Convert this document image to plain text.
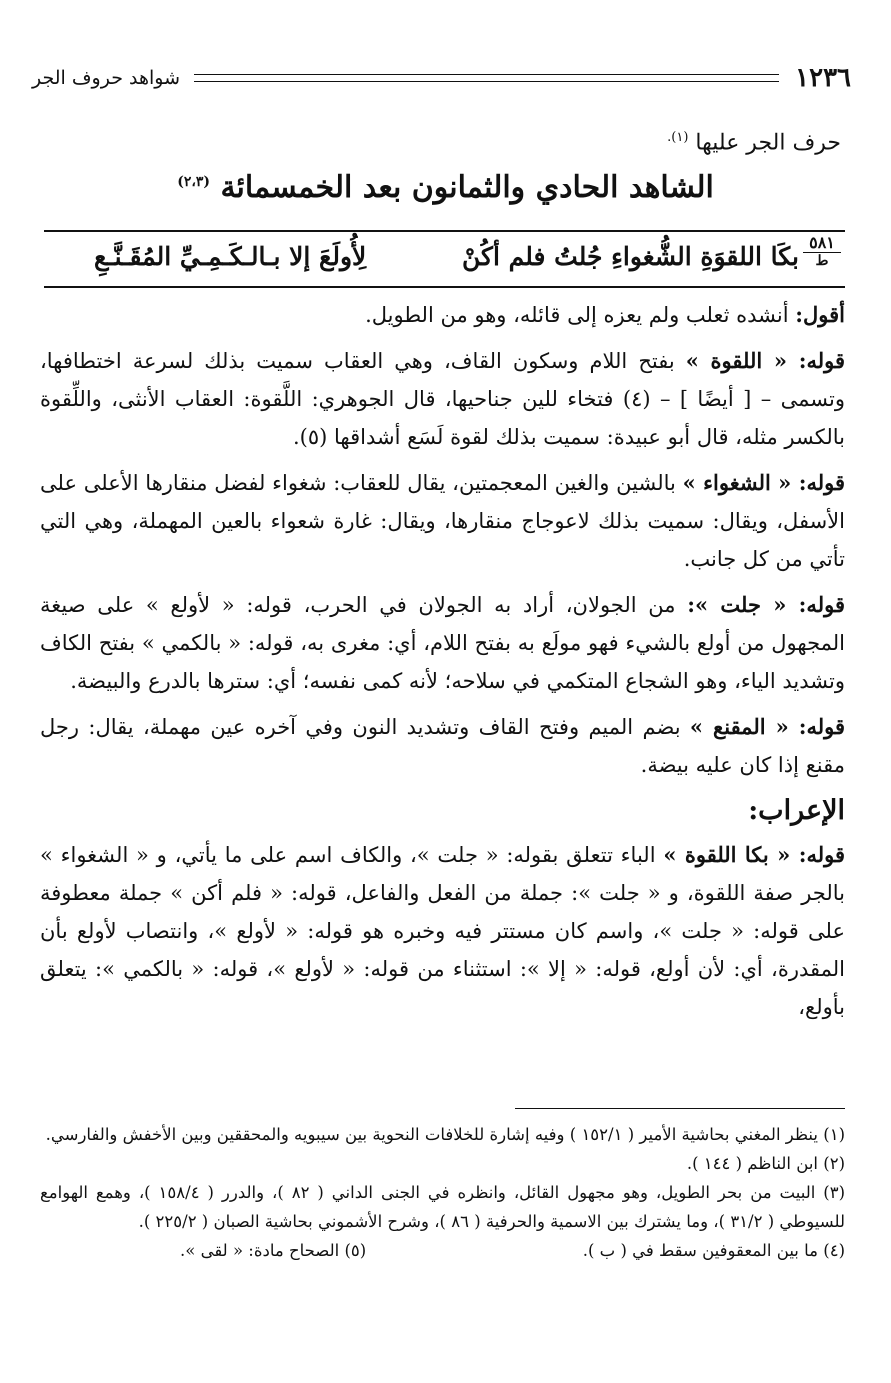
١٢٣٦
شواهد حروف الجر
حرف الجر عليها $^{(١).}$
الشاهد الحادي والثمانون بعد الخمسمائة $^{(٢،٣)}$
٥٨١
ط
بكَا اللقوَةِ الشُّغواءِ جُلتُ فلم أكُنْ
لِأُولَعَ إلا بـالـكَـمِـيِّ المُقَـنَّـعِ

أقول: أنشده ثعلب ولم يعزه إلى قائله، وهو من الطويل.

قوله: « اللقوة » بفتح اللام وسكون القاف، وهي العقاب سميت بذلك لسرعة اختطافها، وتسمى – [ أيضًا ] – (٤) فتخاء للين جناحيها، قال الجوهري: اللَّقوة: العقاب الأنثى، واللِّقوة بالكسر مثله، قال أبو عبيدة: سميت بذلك لقوة لَسَع أشداقها (٥).

قوله: « الشغواء » بالشين والغين المعجمتين، يقال للعقاب: شغواء لفضل منقارها الأعلى على الأسفل، ويقال: سميت بذلك لاعوجاج منقارها، ويقال: غارة شعواء بالعين المهملة، وهي التي تأتي من كل جانب.

قوله: « جلت »: من الجولان، أراد به الجولان في الحرب، قوله: « لأولع » على صيغة المجهول من أولع بالشيء فهو مولَع به بفتح اللام، أي: مغرى به، قوله: « بالكمي » بفتح الكاف وتشديد الياء، وهو الشجاع المتكمي في سلاحه؛ لأنه كمى نفسه؛ أي: سترها بالدرع والبيضة.

قوله: « المقنع » بضم الميم وفتح القاف وتشديد النون وفي آخره عين مهملة، يقال: رجل مقنع إذا كان عليه بيضة.

الإعراب:

قوله: « بكا اللقوة » الباء تتعلق بقوله: « جلت »، والكاف اسم على ما يأتي، و « الشغواء » بالجر صفة اللقوة، و « جلت »: جملة من الفعل والفاعل، قوله: « فلم أكن » جملة معطوفة على قوله: « جلت »، واسم كان مستتر فيه وخبره هو قوله: « لأولع »، وانتصاب لأولع بأن المقدرة، أي: لأن أولع، قوله: « إلا »: استثناء من قوله: « لأولع »، قوله: « بالكمي »: يتعلق بأولع،

(١) ينظر المغني بحاشية الأمير ( ١٥٢/١ ) وفيه إشارة للخلافات النحوية بين سيبويه والمحققين وبين الأخفش والفارسي.

(٢) ابن الناظم ( ١٤٤ ).

(٣) البيت من بحر الطويل، وهو مجهول القائل، وانظره في الجنى الداني ( ٨٢ )، والدرر ( ١٥٨/٤ )، وهمع الهوامع للسيوطي ( ٣١/٢ )، وما يشترك بين الاسمية والحرفية ( ٨٦ )، وشرح الأشموني بحاشية الصبان ( ٢٢٥/٢ ).

(٤) ما بين المعقوفين سقط في ( ب ).
(٥) الصحاح مادة: « لقى ».
